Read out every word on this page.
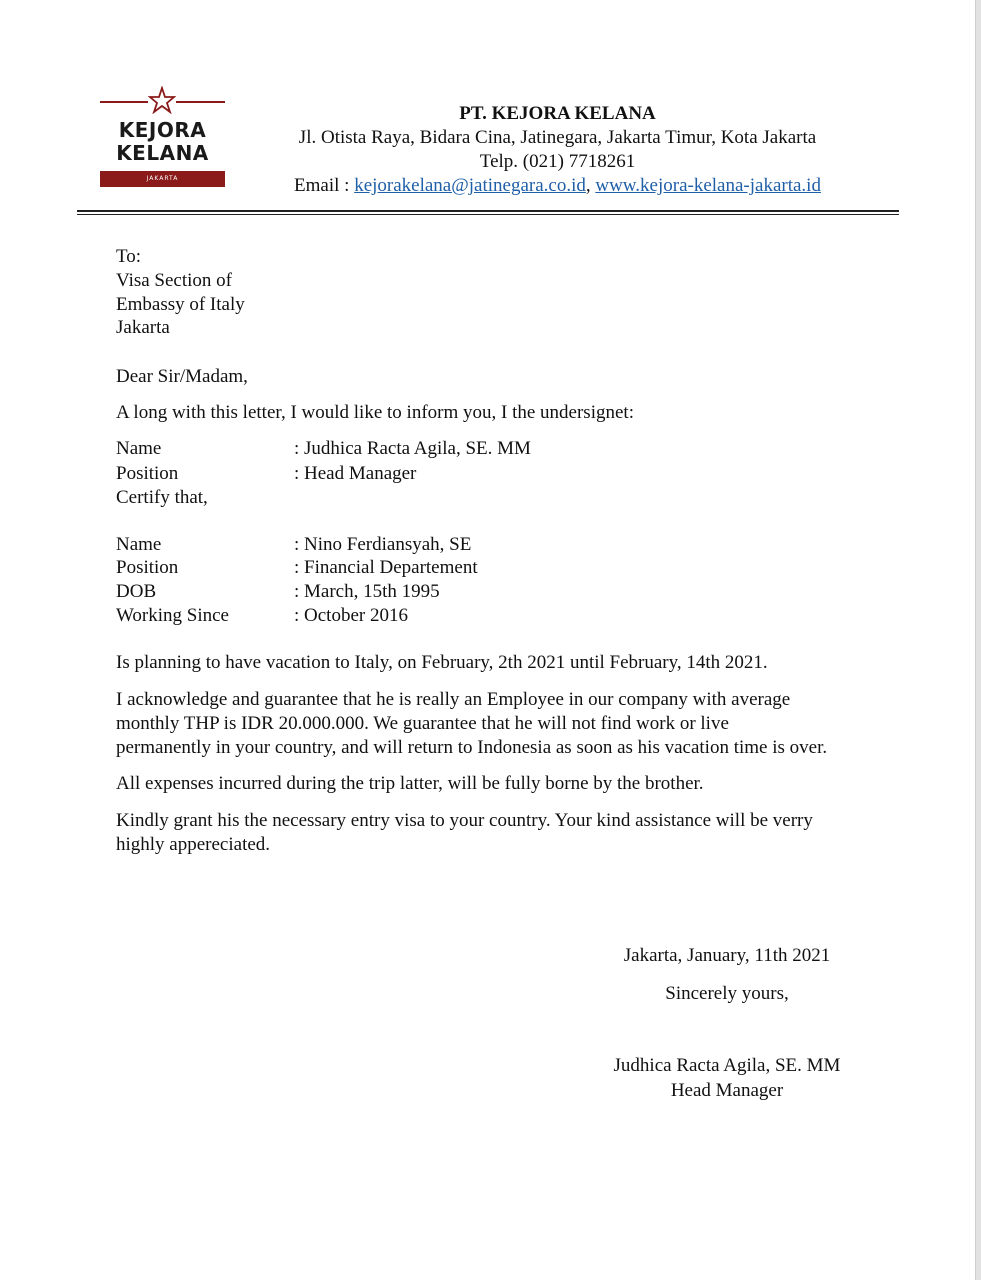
KEJORA
KELANA
JAKARTA
PT. KEJORA KELANA
Jl. Otista Raya, Bidara Cina, Jatinegara, Jakarta Timur, Kota Jakarta
Telp. (021) 7718261
Email : kejorakelana@jatinegara.co.id, www.kejora-kelana-jakarta.id
To:
Visa Section of
Embassy of Italy
Jakarta
Dear Sir/Madam,
A long with this letter, I would like to inform you, I the undersignet:
Name	: Judhica Racta Agila, SE. MM
Position	: Head Manager
Certify that,
Name	: Nino Ferdiansyah, SE
Position	: Financial Departement
DOB	: March, 15th 1995
Working Since	: October 2016
Is planning to have vacation to Italy, on February, 2th 2021 until February, 14th 2021.
I acknowledge and guarantee that he is really an Employee in our company with average
monthly THP is IDR 20.000.000. We guarantee that he will not find work or live
permanently in your country, and will return to Indonesia as soon as his vacation time is over.
All expenses incurred during the trip latter, will be fully borne by the brother.
Kindly grant his the necessary entry visa to your country. Your kind assistance will be verry
highly appereciated.
Jakarta, January, 11th 2021
Sincerely yours,
Judhica Racta Agila, SE. MM
Head Manager
